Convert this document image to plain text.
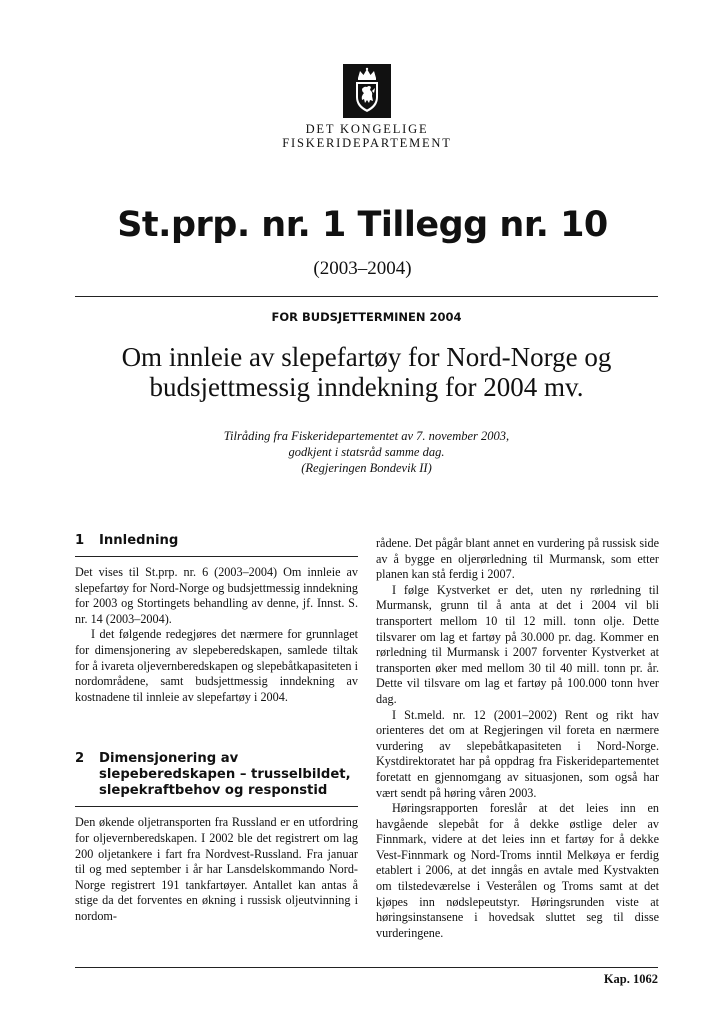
DET KONGELIGE
FISKERIDEPARTEMENT
St.prp. nr. 1 Tillegg nr. 10
(2003–2004)
FOR BUDSJETTERMINEN 2004
Om innleie av slepefartøy for Nord-Norge og
budsjettmessig inndekning for 2004 mv.
Tilråding fra Fiskeridepartementet av 7. november 2003,
godkjent i statsråd samme dag.
(Regjeringen Bondevik II)
1	Innledning

Det vises til St.prp. nr. 6 (2003–2004) Om innleie av slepefartøy for Nord-Norge og budsjettmessig inndekning for 2003 og Stortingets behandling av denne, jf. Innst. S. nr. 14 (2003–2004).

I det følgende redegjøres det nærmere for grunnlaget for dimensjonering av slepeberedskapen, samlede tiltak for å ivareta oljevernberedskapen og slepebåtkapasiteten i nordområdene, samt budsjettmessig inndekning av kostnadene til innleie av slepefartøy i 2004.

2	Dimensjonering av
slepeberedskapen – trusselbildet,
slepekraftbehov og responstid

Den økende oljetransporten fra Russland er en utfordring for oljevernberedskapen. I 2002 ble det registrert om lag 200 oljetankere i fart fra Nordvest-Russland. Fra januar til og med september i år har Lansdelskommando Nord-Norge registrert 191 tankfartøyer. Antallet kan antas å stige da det forventes en økning i russisk oljeutvinning i nordom-

rådene. Det pågår blant annet en vurdering på russisk side av å bygge en oljerørledning til Murmansk, som etter planen kan stå ferdig i 2007.

I følge Kystverket er det, uten ny rørledning til Murmansk, grunn til å anta at det i 2004 vil bli transportert mellom 10 til 12 mill. tonn olje. Dette tilsvarer om lag et fartøy på 30.000 pr. dag. Kommer en rørledning til Murmansk i 2007 forventer Kystverket at transporten øker med mellom 30 til 40 mill. tonn pr. år. Dette vil tilsvare om lag et fartøy på 100.000 tonn hver dag.

I St.meld. nr. 12 (2001–2002) Rent og rikt hav orienteres det om at Regjeringen vil foreta en nærmere vurdering av slepebåtkapasiteten i Nord-Norge. Kystdirektoratet har på oppdrag fra Fiskeridepartementet foretatt en gjennomgang av situasjonen, som også har vært sendt på høring våren 2003.

Høringsrapporten foreslår at det leies inn en havgående slepebåt for å dekke østlige deler av Finnmark, videre at det leies inn et fartøy for å dekke Vest-Finnmark og Nord-Troms inntil Melkøya er ferdig etablert i 2006, at det inngås en avtale med Kystvakten om tilstedeværelse i Vesterålen og Troms samt at det kjøpes inn nødslepeutstyr. Høringsrunden viste at høringsinstansene i hovedsak sluttet seg til disse vurderingene.

Kap. 1062
